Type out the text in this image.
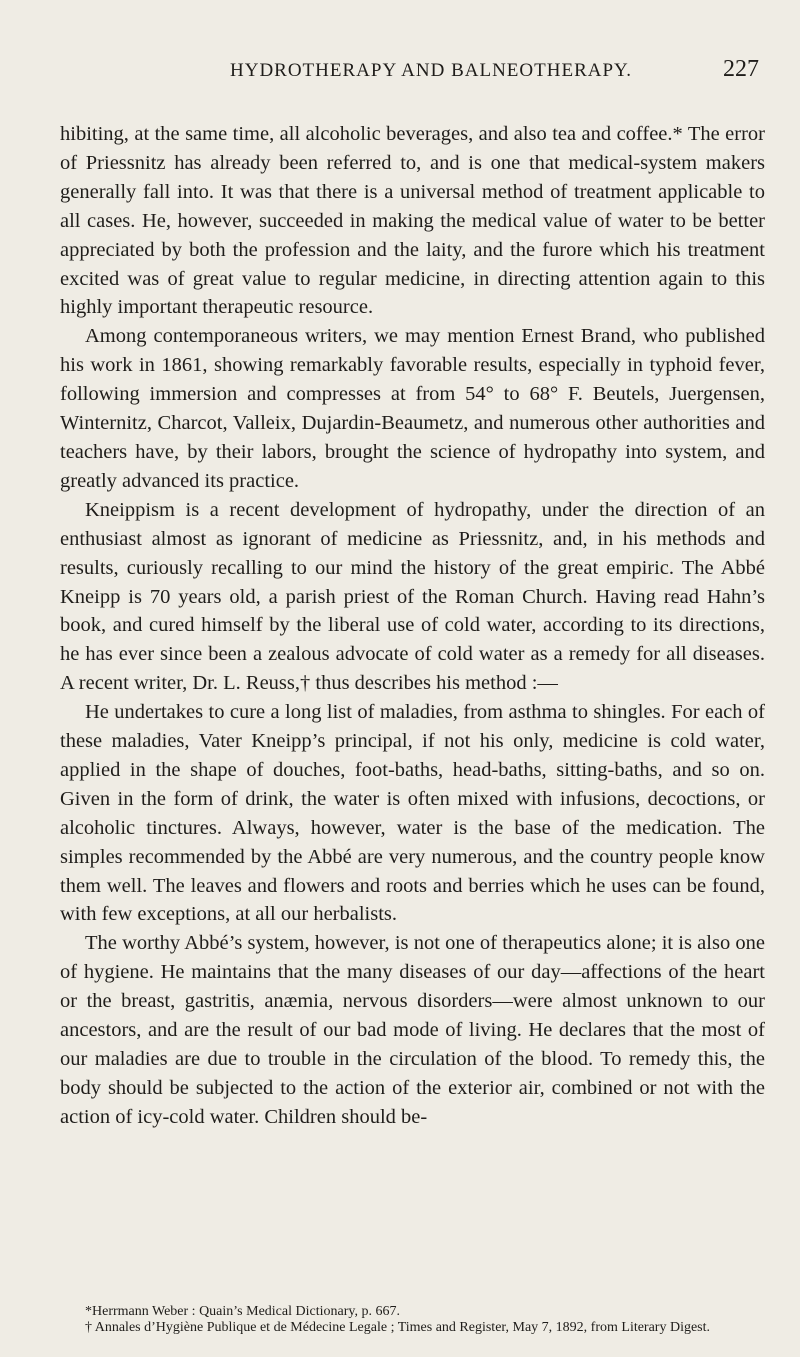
HYDROTHERAPY AND BALNEOTHERAPY.	227

hibiting, at the same time, all alcoholic beverages, and also tea and coffee.* The error of Priessnitz has already been referred to, and is one that medical-system makers generally fall into. It was that there is a universal method of treatment applicable to all cases. He, however, succeeded in making the medical value of water to be better appreciated by both the profession and the laity, and the furore which his treatment excited was of great value to regular medicine, in directing attention again to this highly important therapeutic resource.

Among contemporaneous writers, we may mention Ernest Brand, who published his work in 1861, showing remarkably favorable results, especially in typhoid fever, following immersion and compresses at from 54° to 68° F. Beutels, Juergensen, Winternitz, Charcot, Valleix, Dujardin-Beaumetz, and numerous other authorities and teachers have, by their labors, brought the science of hydropathy into system, and greatly advanced its practice.

Kneippism is a recent development of hydropathy, under the direction of an enthusiast almost as ignorant of medicine as Priessnitz, and, in his methods and results, curiously recalling to our mind the history of the great empiric. The Abbé Kneipp is 70 years old, a parish priest of the Roman Church. Having read Hahn’s book, and cured himself by the liberal use of cold water, according to its directions, he has ever since been a zealous advocate of cold water as a remedy for all diseases. A recent writer, Dr. L. Reuss,† thus describes his method :—

He undertakes to cure a long list of maladies, from asthma to shingles. For each of these maladies, Vater Kneipp’s principal, if not his only, medicine is cold water, applied in the shape of douches, foot-baths, head-baths, sitting-baths, and so on. Given in the form of drink, the water is often mixed with infusions, decoctions, or alcoholic tinctures. Always, however, water is the base of the medication. The simples recommended by the Abbé are very numerous, and the country people know them well. The leaves and flowers and roots and berries which he uses can be found, with few exceptions, at all our herbalists.

The worthy Abbé’s system, however, is not one of therapeutics alone; it is also one of hygiene. He maintains that the many diseases of our day—affections of the heart or the breast, gastritis, anæmia, nervous disorders—were almost unknown to our ancestors, and are the result of our bad mode of living. He declares that the most of our maladies are due to trouble in the circulation of the blood. To remedy this, the body should be subjected to the action of the exterior air, combined or not with the action of icy-cold water. Children should be-

*Herrmann Weber : Quain’s Medical Dictionary, p. 667.

† Annales d’Hygiène Publique et de Médecine Legale ; Times and Register, May 7, 1892, from Literary Digest.
